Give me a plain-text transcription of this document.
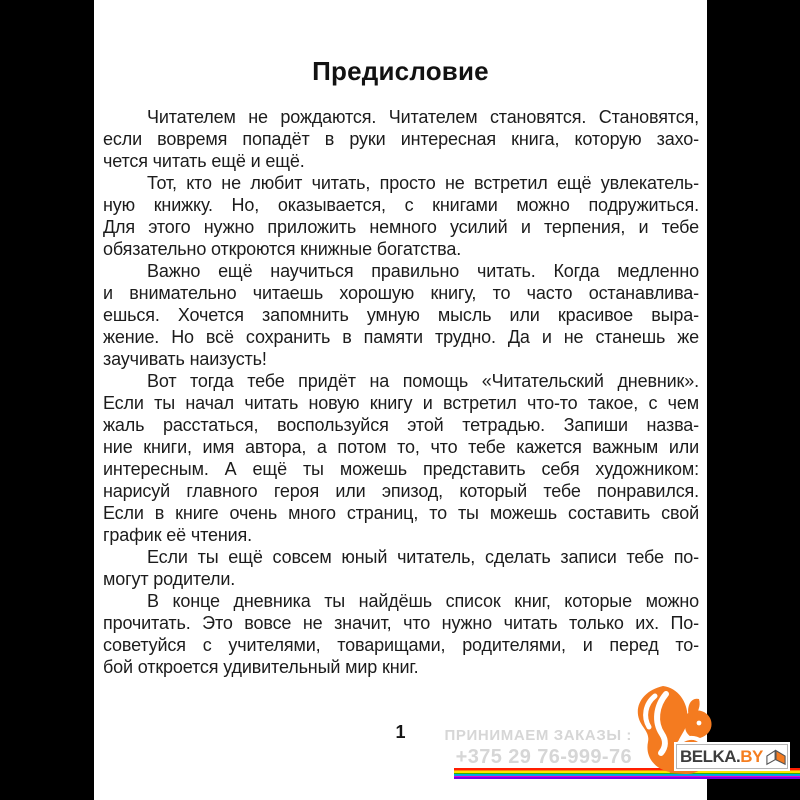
Предисловие
Читателем не рождаются. Читателем становятся. Становятся,
если вовремя попадёт в руки интересная книга, которую захо-
чется читать ещё и ещё.
Тот, кто не любит читать, просто не встретил ещё увлекатель-
ную книжку. Но, оказывается, с книгами можно подружиться.
Для этого нужно приложить немного усилий и терпения, и тебе
обязательно откроются книжные богатства.
Важно ещё научиться правильно читать. Когда медленно
и внимательно читаешь хорошую книгу, то часто останавлива-
ешься. Хочется запомнить умную мысль или красивое выра-
жение. Но всё сохранить в памяти трудно. Да и не станешь же
заучивать наизусть!
Вот тогда тебе придёт на помощь «Читательский дневник».
Если ты начал читать новую книгу и встретил что-то такое, с чем
жаль расстаться, воспользуйся этой тетрадью. Запиши назва-
ние книги, имя автора, а потом то, что тебе кажется важным или
интересным. А ещё ты можешь представить себя художником:
нарисуй главного героя или эпизод, который тебе понравился.
Если в книге очень много страниц, то ты можешь составить свой
график её чтения.
Если ты ещё совсем юный читатель, сделать записи тебе по-
могут родители.
В конце дневника ты найдёшь список книг, которые можно
прочитать. Это вовсе не значит, что нужно читать только их. По-
советуйся с учителями, товарищами, родителями, и перед то-
бой откроется удивительный мир книг.
1	ПРИНИМАЕМ ЗАКАЗЫ :
+375 29 76-999-76	BELKA. BY
